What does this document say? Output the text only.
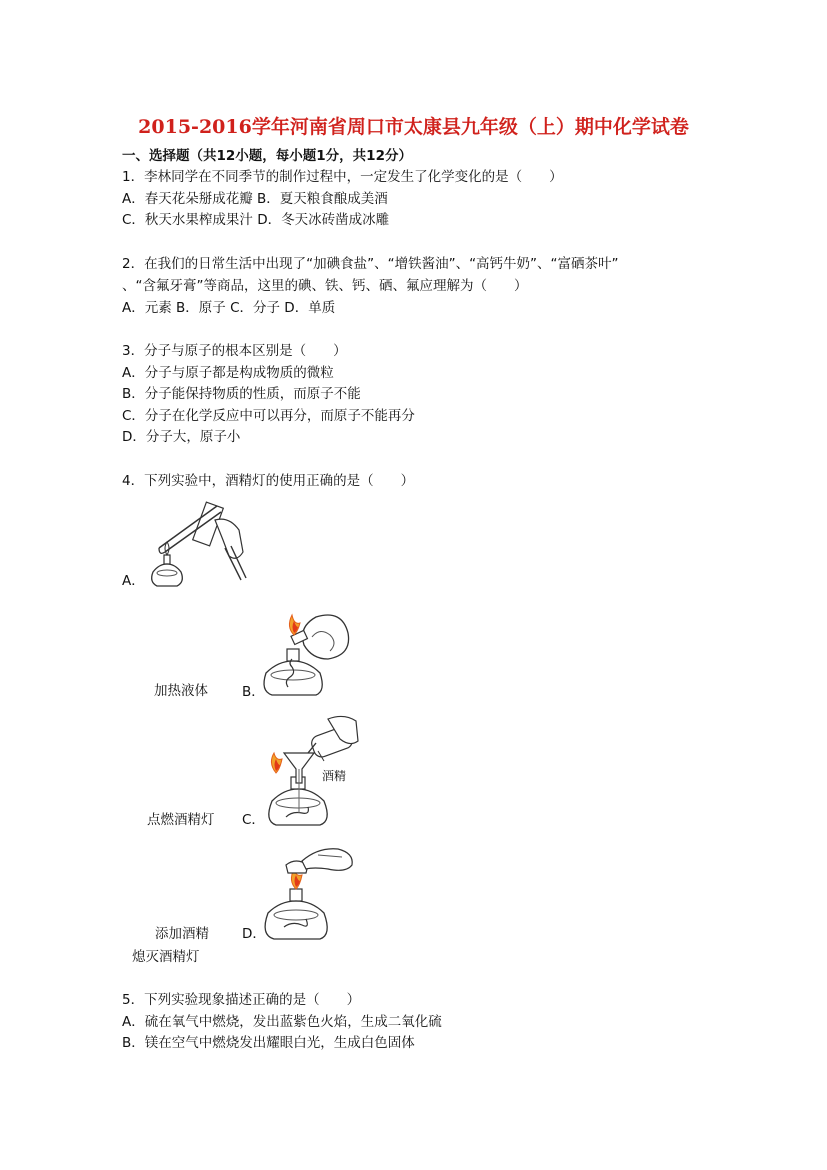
2015-2016学年河南省周口市太康县九年级（上）期中化学试卷
一、选择题（共12小题，每小题1分，共12分）
1．李林同学在不同季节的制作过程中，一定发生了化学变化的是（　　）
A．春天花朵掰成花瓣 B．夏天粮食酿成美酒
C．秋天水果榨成果汁 D．冬天冰砖凿成冰雕
2．在我们的日常生活中出现了“加碘食盐”、“增铁酱油”、“高钙牛奶”、“富硒茶叶”
、“含氟牙膏”等商品，这里的碘、铁、钙、硒、氟应理解为（　　）
A．元素 B．原子 C．分子 D．单质
3．分子与原子的根本区别是（　　）
A．分子与原子都是构成物质的微粒
B．分子能保持物质的性质，而原子不能
C．分子在化学反应中可以再分，而原子不能再分
D．分子大，原子小
4．下列实验中，酒精灯的使用正确的是（　　）
A．
加热液体	B．
酒精
点燃酒精灯 C．
添加酒精 D．
熄灭酒精灯
5．下列实验现象描述正确的是（　　）
A．硫在氧气中燃烧，发出蓝紫色火焰，生成二氧化硫
B．镁在空气中燃烧发出耀眼白光，生成白色固体
